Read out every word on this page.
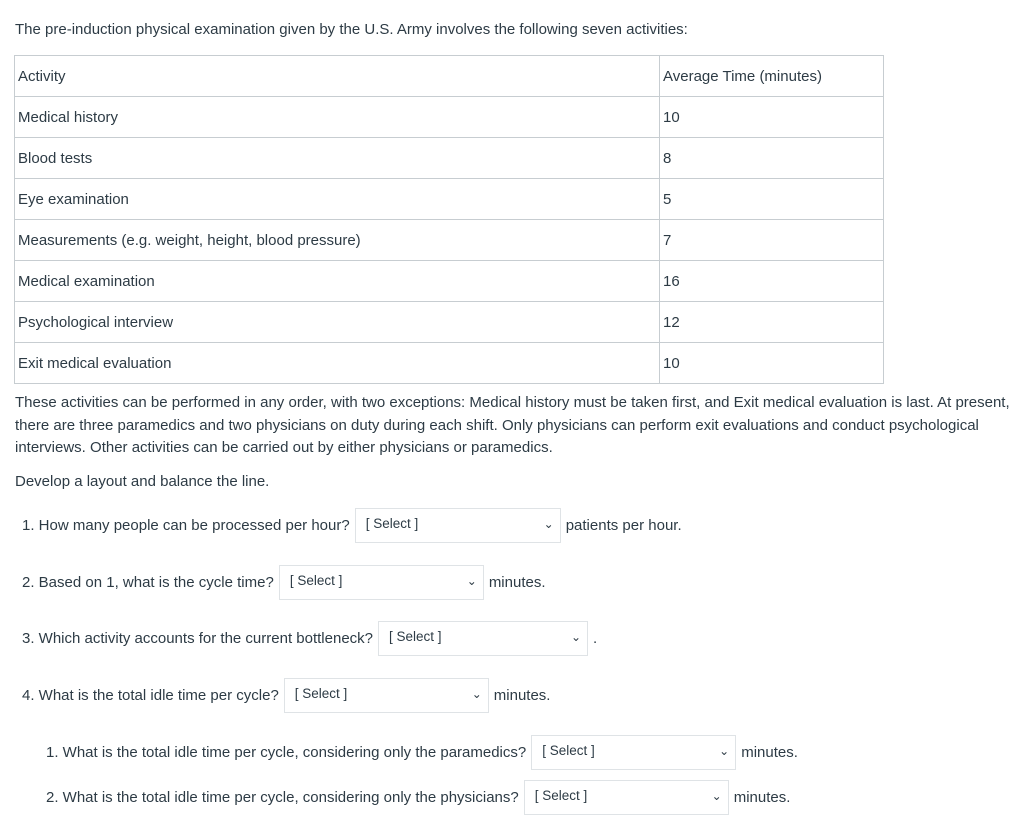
The pre-induction physical examination given by the U.S. Army involves the following seven activities:
Activity	Average Time (minutes)
Medical history	10
Blood tests	8
Eye examination	5
Measurements (e.g. weight, height, blood pressure)	7
Medical examination	16
Psychological interview	12
Exit medical evaluation	10
These activities can be performed in any order, with two exceptions: Medical history must be taken first, and Exit medical evaluation is last. At present, there are three paramedics and two physicians on duty during each shift. Only physicians can perform exit evaluations and conduct psychological interviews. Other activities can be carried out by either physicians or paramedics.
Develop a layout and balance the line.
1. How many people can be processed per hour? [ Select ]	⌄ patients per hour.
2. Based on 1, what is the cycle time? [ Select ]	⌄ minutes.
3. Which activity accounts for the current bottleneck? [ Select ]	⌄ .
4. What is the total idle time per cycle? [ Select ]	⌄ minutes.
1. What is the total idle time per cycle, considering only the paramedics? [ Select ]	⌄ minutes.
2. What is the total idle time per cycle, considering only the physicians? [ Select ]	⌄ minutes.
